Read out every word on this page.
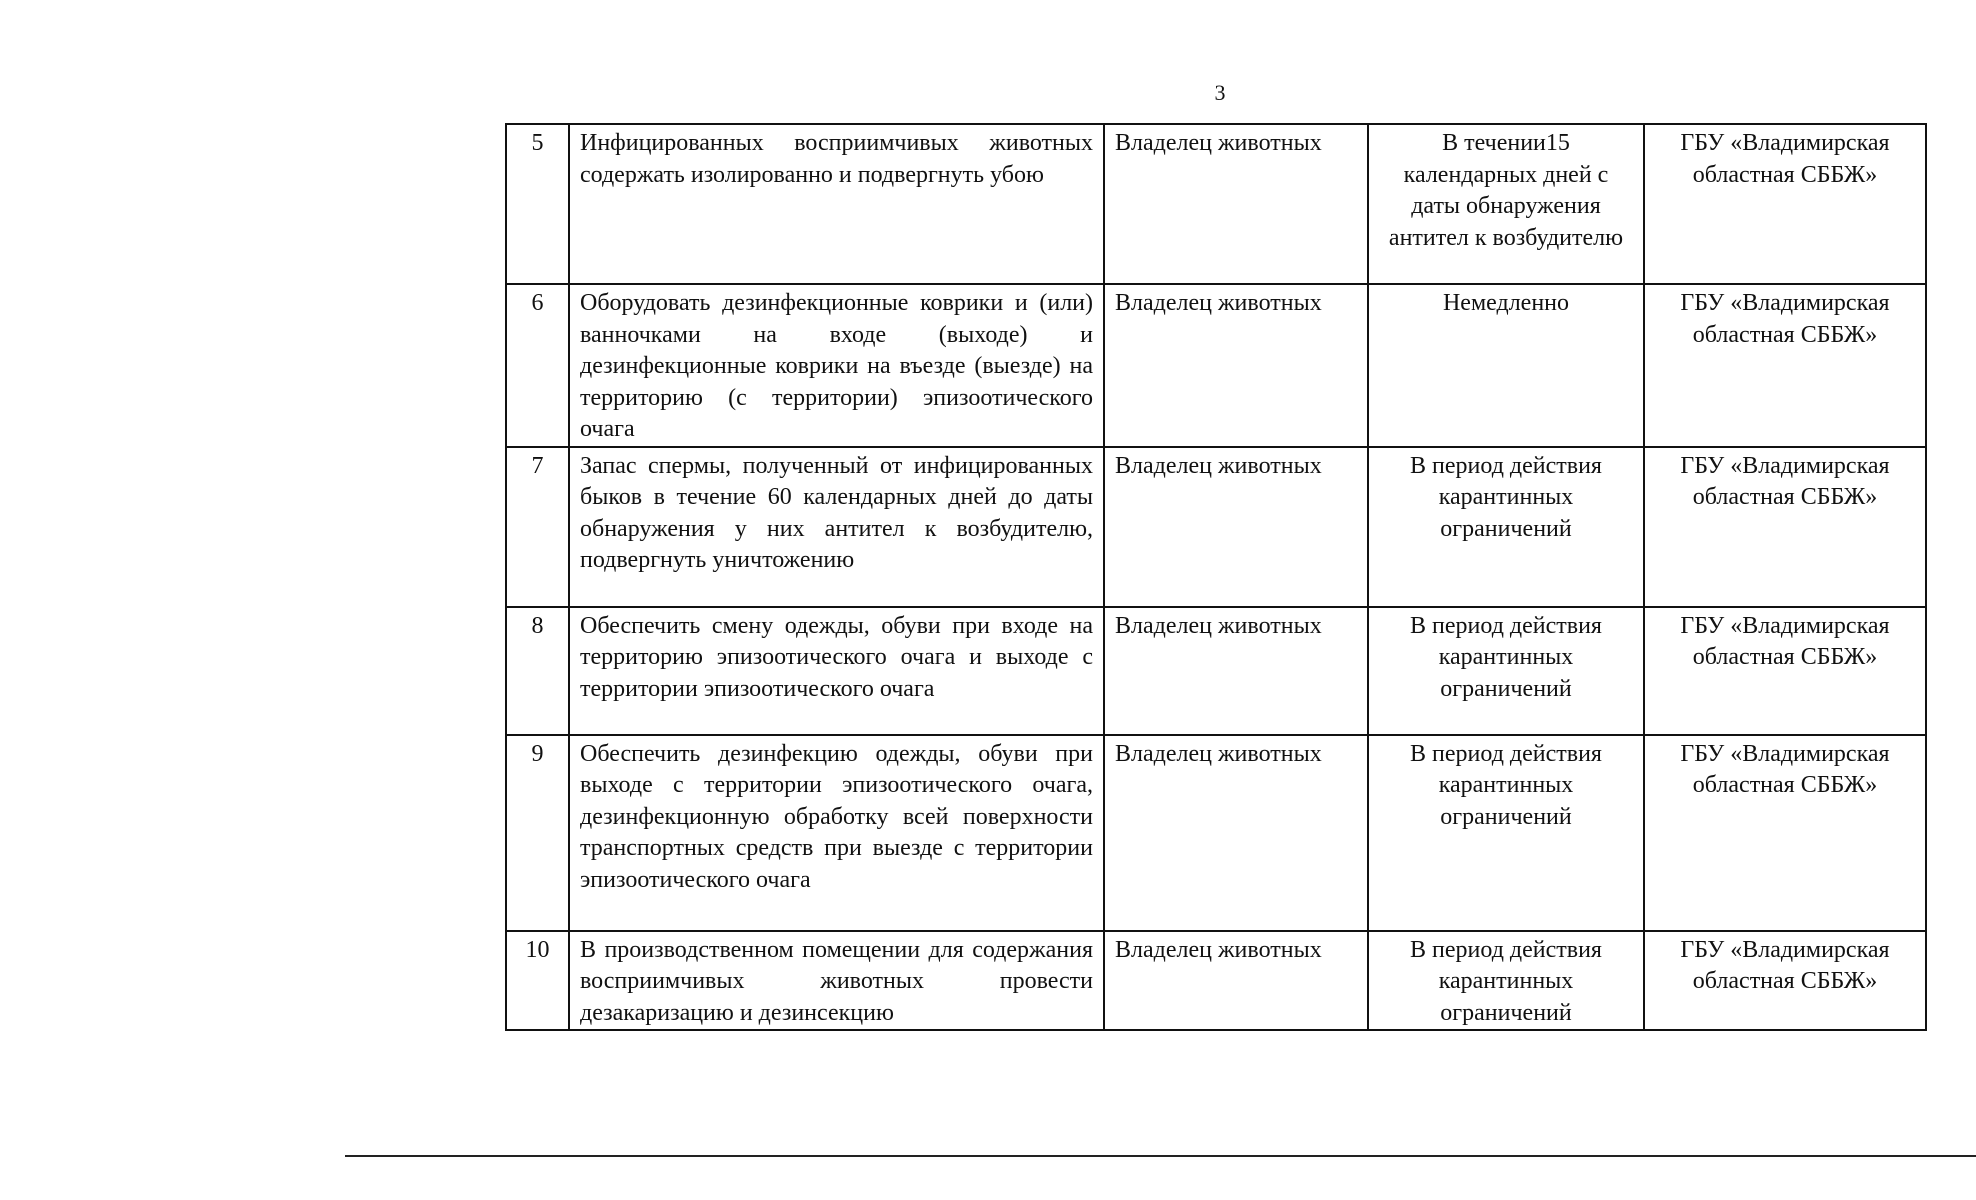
3
5	Инфицированных восприимчивых животных содержать изолированно и подвергнуть убою	Владелец животных	В течении15 календарных дней с даты обнаружения антител к возбудителю	ГБУ «Владимирская областная СББЖ»
6	Оборудовать дезинфекционные коврики и (или) ванночками на входе (выходе) и дезинфекционные коврики на въезде (выезде) на территорию (с территории) эпизоотического очага	Владелец животных	Немедленно	ГБУ «Владимирская областная СББЖ»
7	Запас спермы, полученный от инфицированных быков в течение 60 календарных дней до даты обнаружения у них антител к возбудителю, подвергнуть уничтожению	Владелец животных	В период действия карантинных ограничений	ГБУ «Владимирская областная СББЖ»
8	Обеспечить смену одежды, обуви при входе на территорию эпизоотического очага и выходе с территории эпизоотического очага	Владелец животных	В период действия карантинных ограничений	ГБУ «Владимирская областная СББЖ»
9	Обеспечить дезинфекцию одежды, обуви при выходе с территории эпизоотического очага, дезинфекционную обработку всей поверхности транспортных средств при выезде с территории эпизоотического очага	Владелец животных	В период действия карантинных ограничений	ГБУ «Владимирская областная СББЖ»
10	В производственном помещении для содержания восприимчивых животных провести дезакаризацию и дезинсекцию	Владелец животных	В период действия карантинных ограничений	ГБУ «Владимирская областная СББЖ»
